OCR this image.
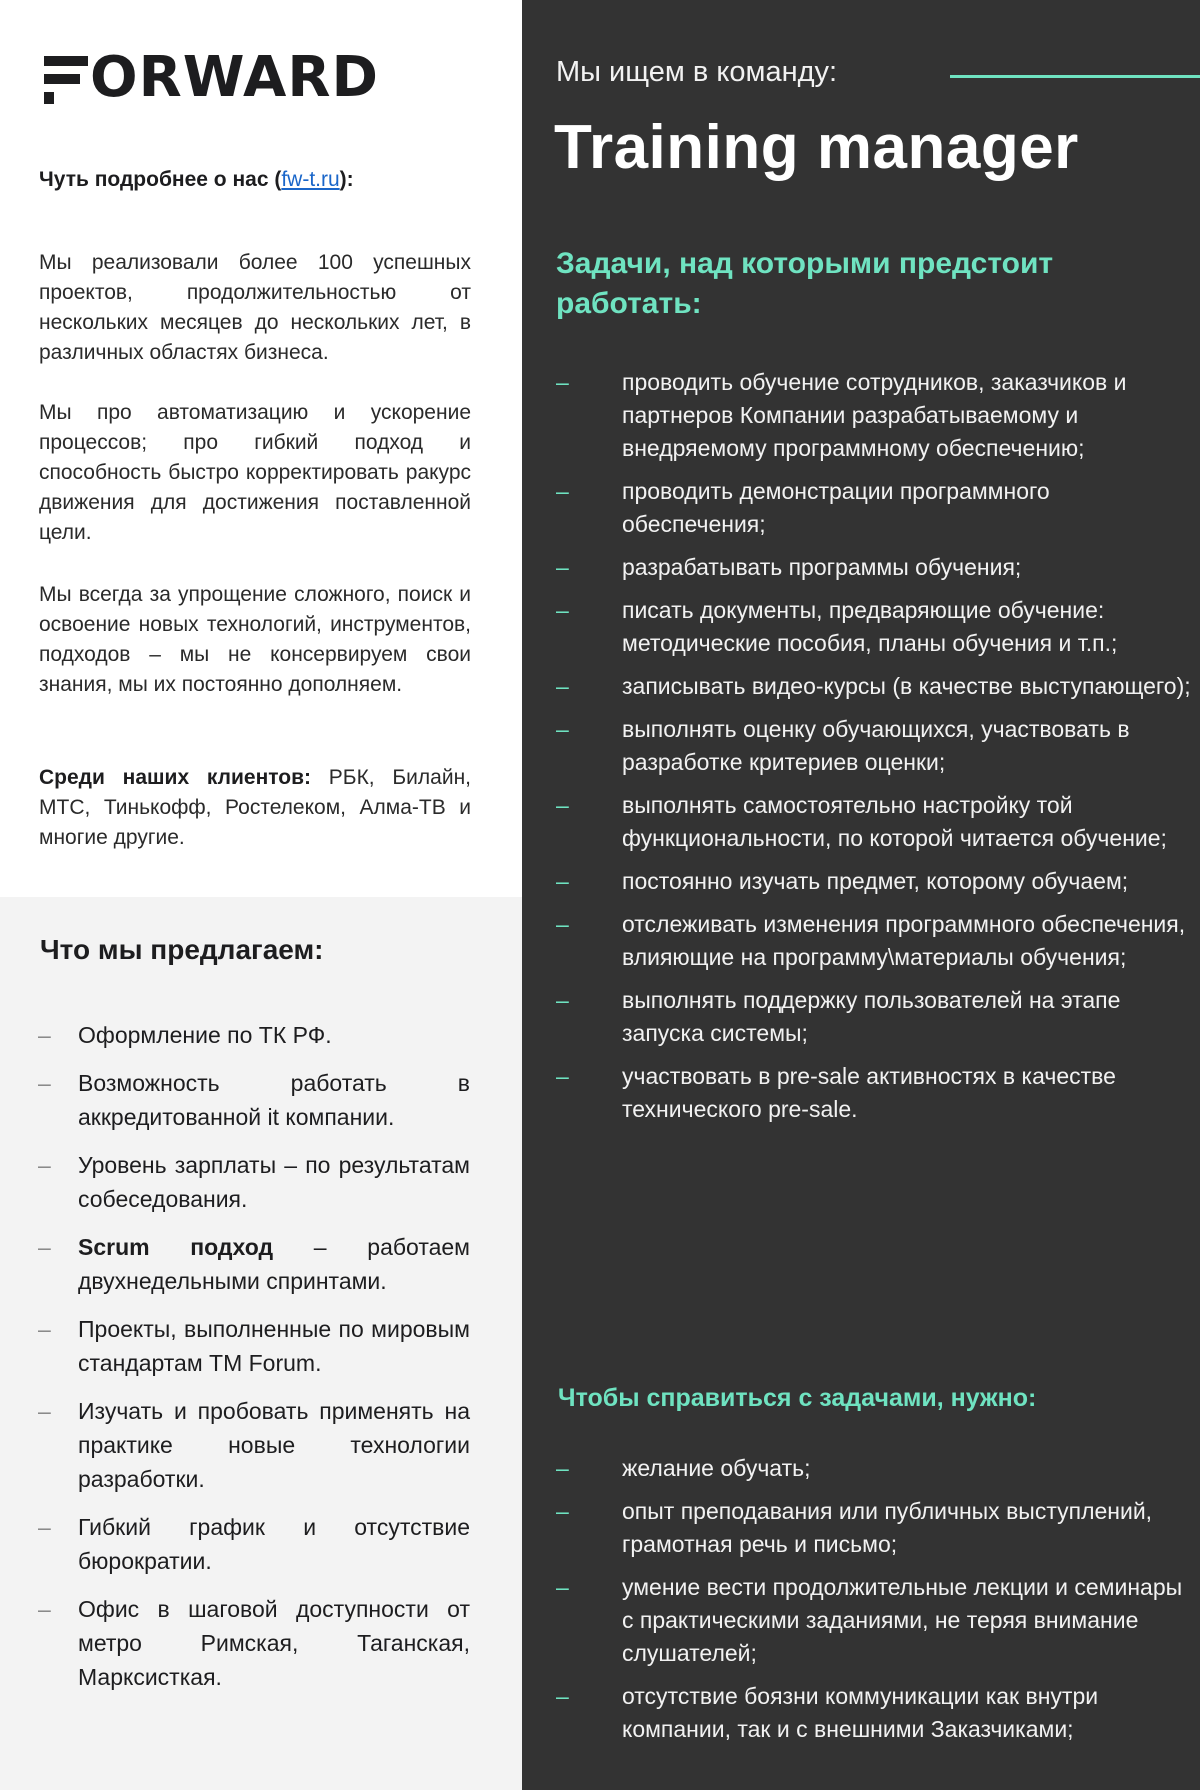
ORWARD
Чуть подробнее о нас (fw-t.ru):
Мы реализовали более 100 успешных проектов, продолжительностью от нескольких месяцев до нескольких лет, в различных областях бизнеса.
Мы про автоматизацию и ускорение процессов; про гибкий подход и способность быстро корректировать ракурс движения для достижения поставленной цели.
Мы всегда за упрощение сложного, поиск и освоение новых технологий, инструментов, подходов – мы не консервируем свои знания, мы их постоянно дополняем.
Среди наших клиентов: РБК, Билайн, МТС, Тинькофф, Ростелеком, Алма-ТВ и многие другие.
Что мы предлагаем:
– Оформление по ТК РФ.
– Возможность работать в аккредитованной it компании.
– Уровень зарплаты – по результатам собеседования.
– Scrum подход – работаем двухнедельными спринтами.
– Проекты, выполненные по мировым стандартам TM Forum.
– Изучать и пробовать применять на практике новые технологии разработки.
– Гибкий график и отсутствие бюрократии.
– Офис в шаговой доступности от метро Римская, Таганская, Марксисткая.
Мы ищем в команду:
Training manager
Задачи, над которыми предстоит работать:
– проводить обучение сотрудников, заказчиков и партнеров Компании разрабатываемому и внедряемому программному обеспечению;
– проводить демонстрации программного обеспечения;
– разрабатывать программы обучения;
– писать документы, предваряющие обучение: методические пособия, планы обучения и т.п.;
– записывать видео-курсы (в качестве выступающего);
– выполнять оценку обучающихся, участвовать в разработке критериев оценки;
– выполнять самостоятельно настройку той функциональности, по которой читается обучение;
– постоянно изучать предмет, которому обучаем;
– отслеживать изменения программного обеспечения, влияющие на программу\материалы обучения;
– выполнять поддержку пользователей на этапе запуска системы;
– участвовать в pre-sale активностях в качестве технического pre-sale.
Чтобы справиться с задачами, нужно:
– желание обучать;
– опыт преподавания или публичных выступлений, грамотная речь и письмо;
– умение вести продолжительные лекции и семинары с практическими заданиями, не теряя внимание слушателей;
– отсутствие боязни коммуникации как внутри компании, так и с внешними Заказчиками;
